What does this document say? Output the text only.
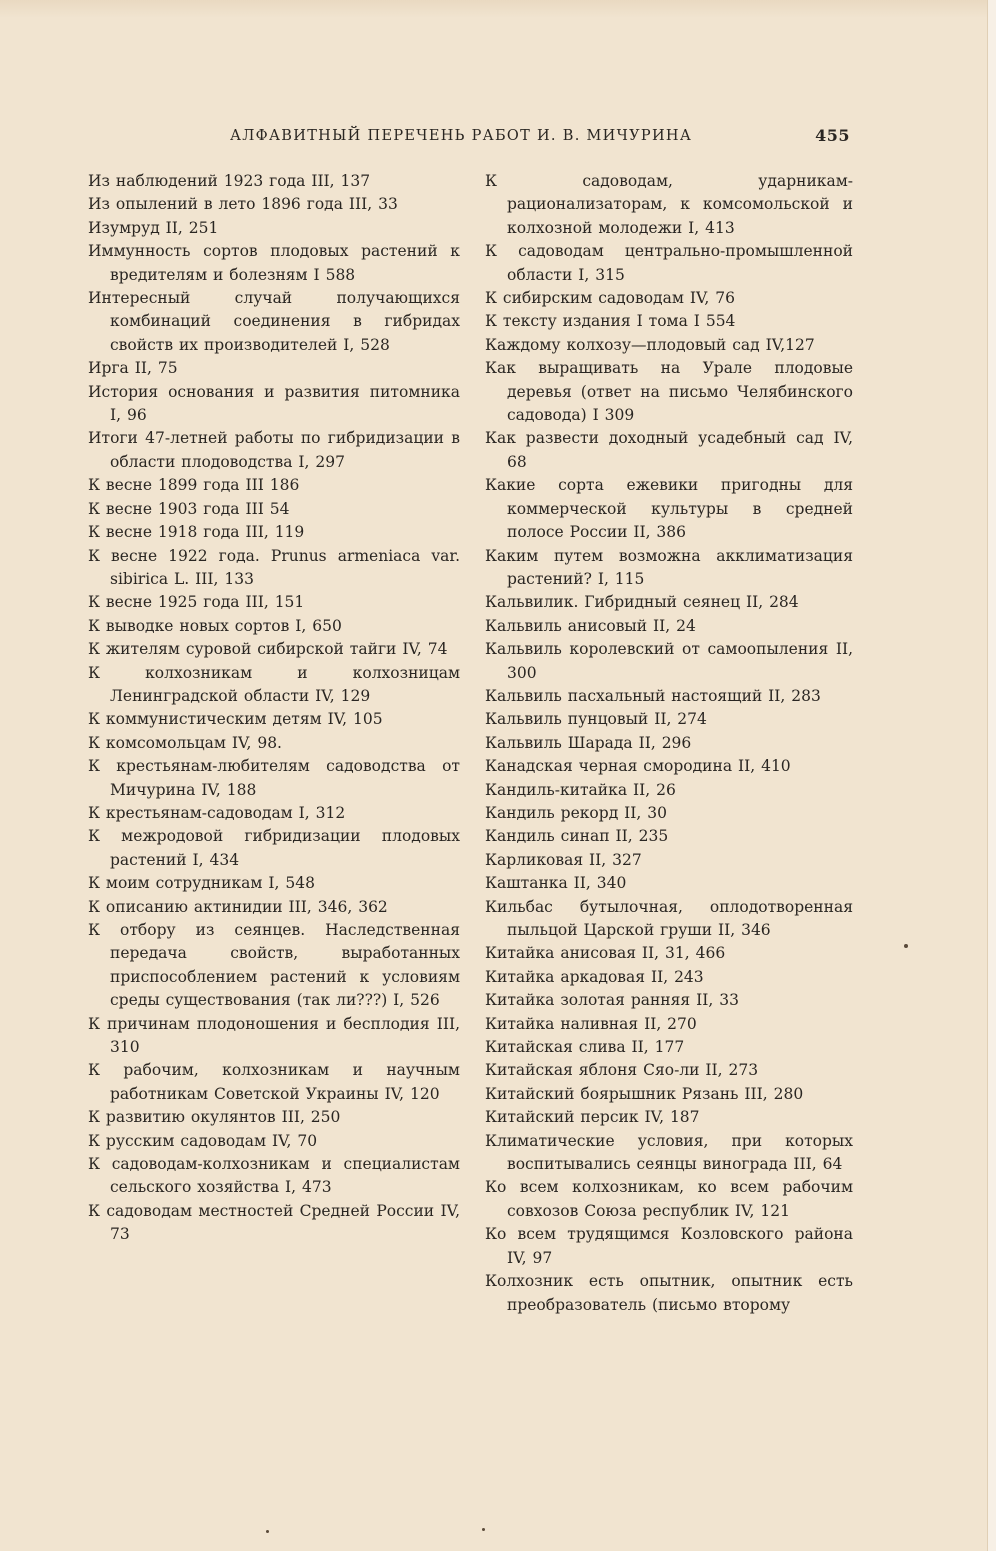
АЛФАВИТНЫЙ ПЕРЕЧЕНЬ РАБОТ И. В. МИЧУРИНА	455
Из наблюдений 1923 года III, 137
Из опылений в лето 1896 года III, 33
Изумруд II, 251
Иммунность сортов плодовых растений к вредителям и болезням I 588
Интересный случай получающихся комбинаций соединения в гибридах свойств их производителей I, 528
Ирга II, 75
История основания и развития питомника I, 96
Итоги 47-летней работы по гибридизации в области плодоводства I, 297
К весне 1899 года III 186
К весне 1903 года III 54
К весне 1918 года III, 119
К весне 1922 года. Prunus armeniaca var. sibirica L. III, 133
К весне 1925 года III, 151
К выводке новых сортов I, 650
К жителям суровой сибирской тайги IV, 74
К колхозникам и колхозницам Ленинградской области IV, 129
К коммунистическим детям IV, 105
К комсомольцам IV, 98.
К крестьянам-любителям садоводства от Мичурина IV, 188
К крестьянам-садоводам I, 312
К межродовой гибридизации плодовых растений I, 434
К моим сотрудникам I, 548
К описанию актинидии III, 346, 362
К отбору из сеянцев. Наследственная передача свойств, выработанных приспособлением растений к условиям среды существования (так ли???) I, 526
К причинам плодоношения и бесплодия III, 310
К рабочим, колхозникам и научным работникам Советской Украины IV, 120
К развитию окулянтов III, 250
К русским садоводам IV, 70
К садоводам-колхозникам и специалистам сельского хозяйства I, 473
К садоводам местностей Средней России IV, 73
К садоводам, ударникам-рационализаторам, к комсомольской и колхозной молодежи I, 413
К садоводам центрально-промышленной области I, 315
К сибирским садоводам IV, 76
К тексту издания I тома I 554
Каждому колхозу—плодовый сад IV,127
Как выращивать на Урале плодовые деревья (ответ на письмо Челябинского садовода) I 309
Как развести доходный усадебный сад IV, 68
Какие сорта ежевики пригодны для коммерческой культуры в средней полосе России II, 386
Каким путем возможна акклиматизация растений? I, 115
Кальвилик. Гибридный сеянец II, 284
Кальвиль анисовый II, 24
Кальвиль королевский от самоопыления II, 300
Кальвиль пасхальный настоящий II, 283
Кальвиль пунцовый II, 274
Кальвиль Шарада II, 296
Канадская черная смородина II, 410
Кандиль-китайка II, 26
Кандиль рекорд II, 30
Кандиль синап II, 235
Карликовая II, 327
Каштанка II, 340
Кильбас бутылочная, оплодотворенная пыльцой Царской груши II, 346
Китайка анисовая II, 31, 466
Китайка аркадовая II, 243
Китайка золотая ранняя II, 33
Китайка наливная II, 270
Китайская слива II, 177
Китайская яблоня Сяо-ли II, 273
Китайский боярышник Рязань III, 280
Китайский персик IV, 187
Климатические условия, при которых воспитывались сеянцы винограда III, 64
Ко всем колхозникам, ко всем рабочим совхозов Союза республик IV, 121
Ко всем трудящимся Козловского района IV, 97
Колхозник есть опытник, опытник есть преобразователь (письмо второму
